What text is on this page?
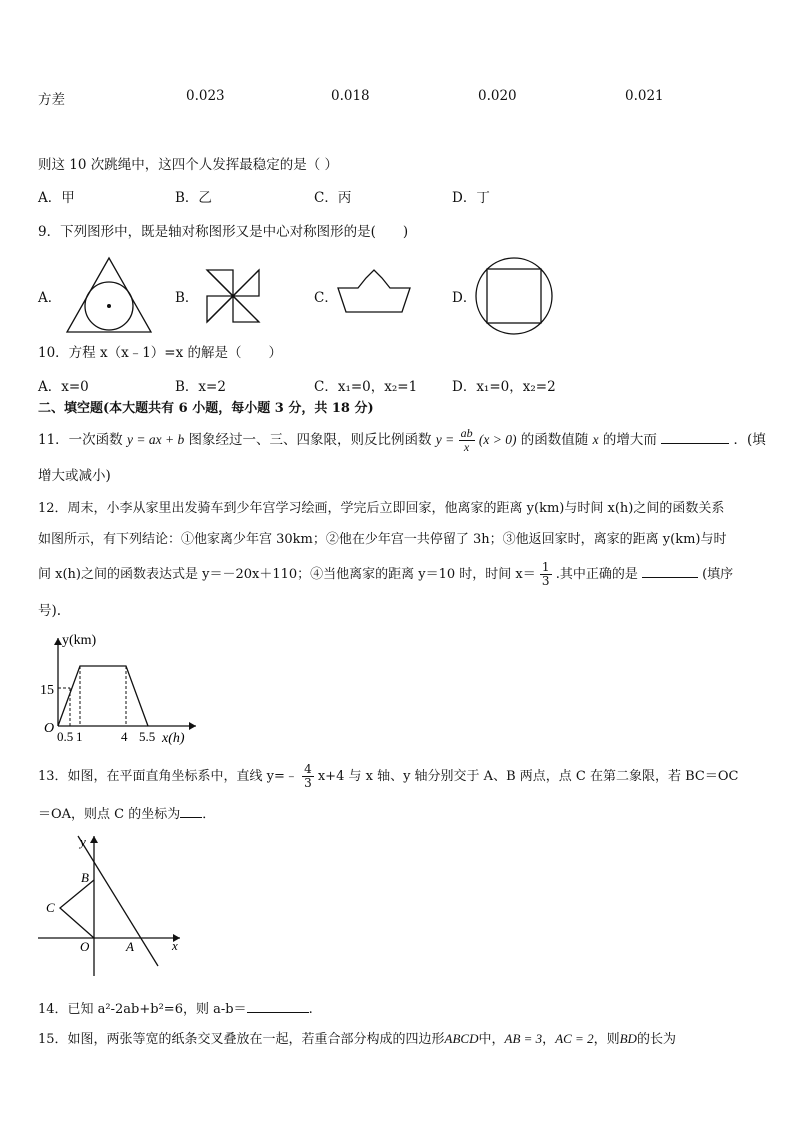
方差	0.023	0.018	0.020	0.021
则这 10 次跳绳中，这四个人发挥最稳定的是（ ）
A．甲	B．乙	C．丙	D．丁
9．下列图形中，既是轴对称图形又是中心对称图形的是(　　)
A．	B．	C．	D．
10．方程 x（x﹣1）=x 的解是（　　）
A．x=0	B．x=2	C．x₁=0，x₂=1	D．x₁=0，x₂=2
二、填空题(本大题共有 6 小题，每小题 3 分，共 18 分)
11．一次函数 y = ax + b 图象经过一、三、四象限，则反比例函数 $y = \frac{ab}{x} (x > 0)$ 的函数值随 x 的增大而	．(填
增大或减小)
12．周末，小李从家里出发骑车到少年宫学习绘画，学完后立即回家，他离家的距离 y(km)与时间 x(h)之间的函数关系
如图所示，有下列结论：①他家离少年宫 30km；②他在少年宫一共停留了 3h；③他返回家时，离家的距离 y(km)与时
间 x(h)之间的函数表达式是 y＝－20x＋110；④当他离家的距离 y＝10 时，时间 $x= \frac{1}{3}$ .其中正确的是	(填序
号).
y(km)
x(h)
O
15
0.5 1	4 5.5
13．如图，在平面直角坐标系中，直线 y=﹣ $\frac{4}{3} x+4$ 与 x 轴、y 轴分别交于 A、B 两点，点 C 在第二象限，若 BC＝OC
＝OA，则点 C 的坐标为 ．
y
x
B
C
O	A
14．已知 a²-2ab+b²=6，则 a-b＝	.
15．如图，两张等宽的纸条交叉叠放在一起，若重合部分构成的四边形ABCD中，AB = 3，AC = 2，则BD的长为
